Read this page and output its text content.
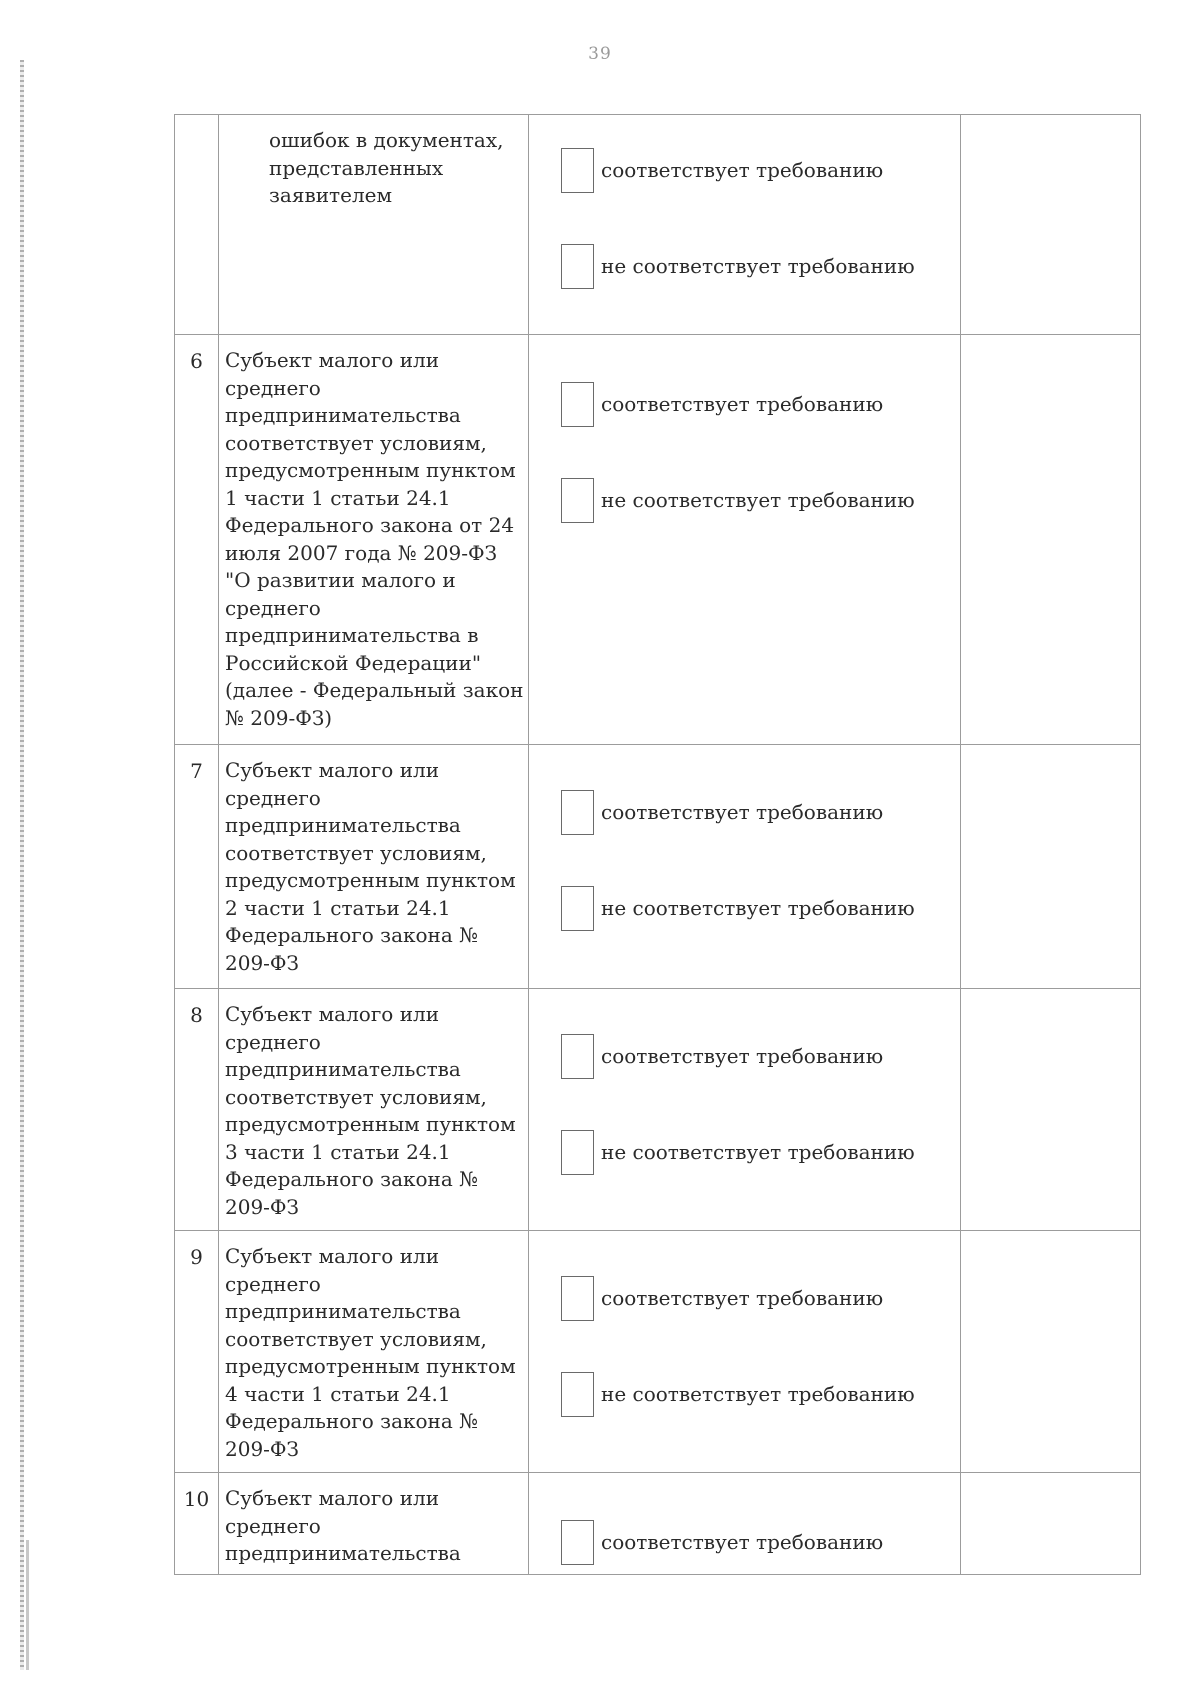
39
	ошибок в документах, представленных заявителем	соответствует требованию
не соответствует требованию	

6	Субъект малого или среднего предпринимательства соответствует условиям, предусмотренным пунктом 1 части 1 статьи 24.1 Федерального закона от 24 июля 2007 года № 209-ФЗ "О развитии малого и среднего предпринимательства в Российской Федерации" (далее - Федеральный закон № 209-ФЗ)	соответствует требованию
не соответствует требованию	

7	Субъект малого или среднего предпринимательства соответствует условиям, предусмотренным пунктом 2 части 1 статьи 24.1 Федерального закона № 209-ФЗ	соответствует требованию
не соответствует требованию	

8	Субъект малого или среднего предпринимательства соответствует условиям, предусмотренным пунктом 3 части 1 статьи 24.1 Федерального закона № 209-ФЗ	соответствует требованию
не соответствует требованию	

9	Субъект малого или среднего предпринимательства соответствует условиям, предусмотренным пунктом 4 части 1 статьи 24.1 Федерального закона № 209-ФЗ	соответствует требованию
не соответствует требованию	

10	Субъект малого или среднего предпринимательства	соответствует требованию	
